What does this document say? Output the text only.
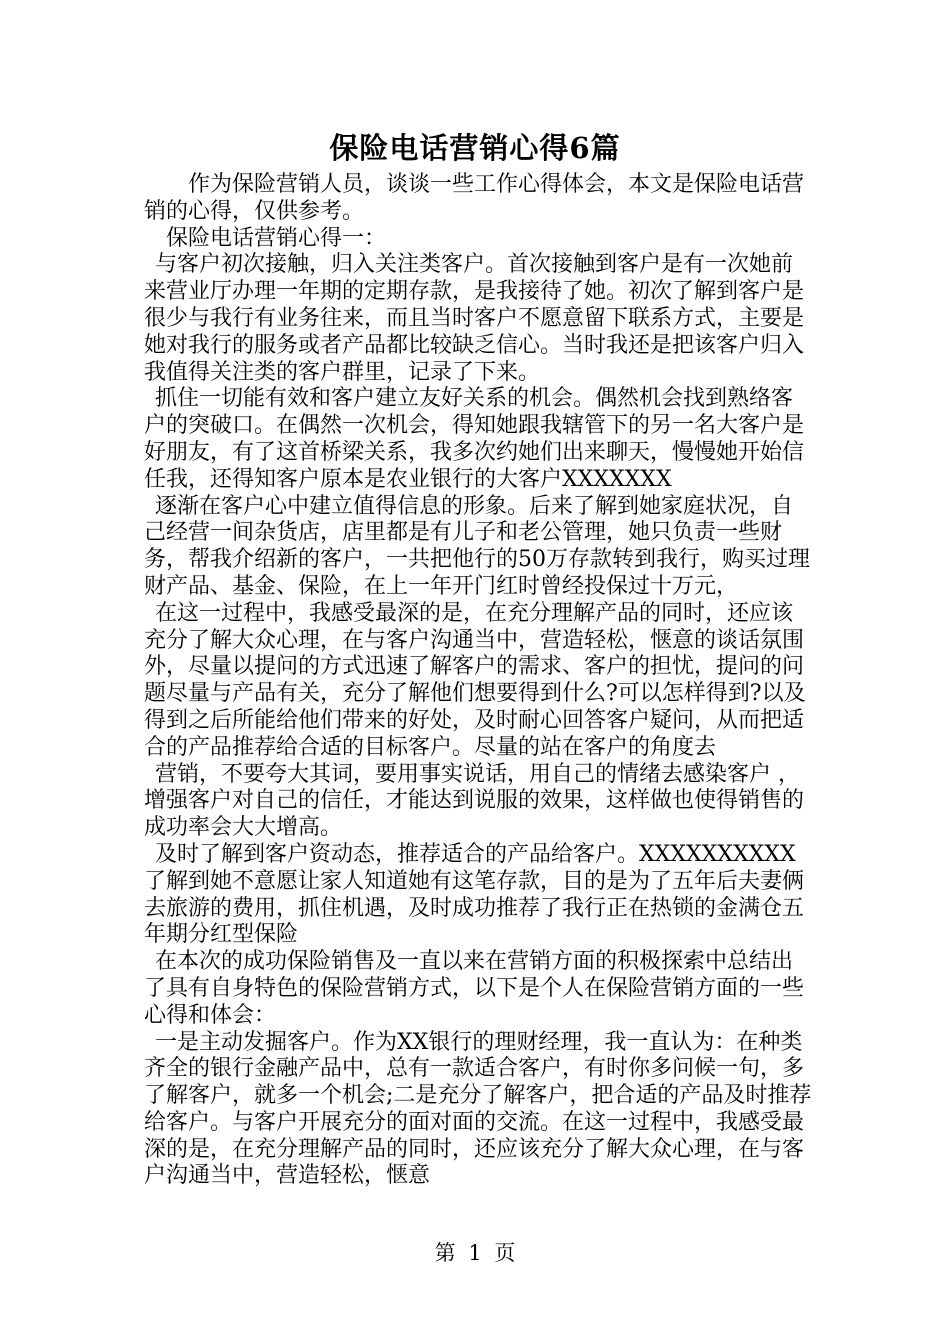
保险电话营销心得6篇

作为保险营销人员，谈谈一些工作心得体会，本文是保险电话营销的心得，仅供参考。

保险电话营销心得一：

与客户初次接触，归入关注类客户。首次接触到客户是有一次她前来营业厅办理一年期的定期存款，是我接待了她。初次了解到客户是很少与我行有业务往来，而且当时客户不愿意留下联系方式，主要是她对我行的服务或者产品都比较缺乏信心。当时我还是把该客户归入我值得关注类的客户群里，记录了下来。

抓住一切能有效和客户建立友好关系的机会。偶然机会找到熟络客户的突破口。在偶然一次机会，得知她跟我辖管下的另一名大客户是好朋友，有了这首桥梁关系，我多次约她们出来聊天，慢慢她开始信任我，还得知客户原本是农业银行的大客户XXXXXXX

逐渐在客户心中建立值得信息的形象。后来了解到她家庭状况，自己经营一间杂货店，店里都是有儿子和老公管理，她只负责一些财务，帮我介绍新的客户，一共把他行的50万存款转到我行，购买过理财产品、基金、保险，在上一年开门红时曾经投保过十万元，

在这一过程中，我感受最深的是，在充分理解产品的同时，还应该充分了解大众心理，在与客户沟通当中，营造轻松，惬意的谈话氛围外，尽量以提问的方式迅速了解客户的需求、客户的担忧，提问的问题尽量与产品有关，充分了解他们想要得到什么?可以怎样得到?以及得到之后所能给他们带来的好处，及时耐心回答客户疑问，从而把适合的产品推荐给合适的目标客户。尽量的站在客户的角度去

营销，不要夸大其词，要用事实说话，用自己的情绪去感染客户 ，增强客户对自己的信任，才能达到说服的效果，这样做也使得销售的成功率会大大增高。

及时了解到客户资动态，推荐适合的产品给客户。XXXXXXXXXX了解到她不意愿让家人知道她有这笔存款，目的是为了五年后夫妻俩去旅游的费用，抓住机遇，及时成功推荐了我行正在热锁的金满仓五年期分红型保险

在本次的成功保险销售及一直以来在营销方面的积极探索中总结出了具有自身特色的保险营销方式，以下是个人在保险营销方面的一些心得和体会：

一是主动发掘客户。作为XX银行的理财经理，我一直认为：在种类齐全的银行金融产品中，总有一款适合客户，有时你多问候一句，多了解客户，就多一个机会;二是充分了解客户，把合适的产品及时推荐给客户。与客户开展充分的面对面的交流。在这一过程中，我感受最深的是，在充分理解产品的同时，还应该充分了解大众心理，在与客户沟通当中，营造轻松，惬意

第 1 页
